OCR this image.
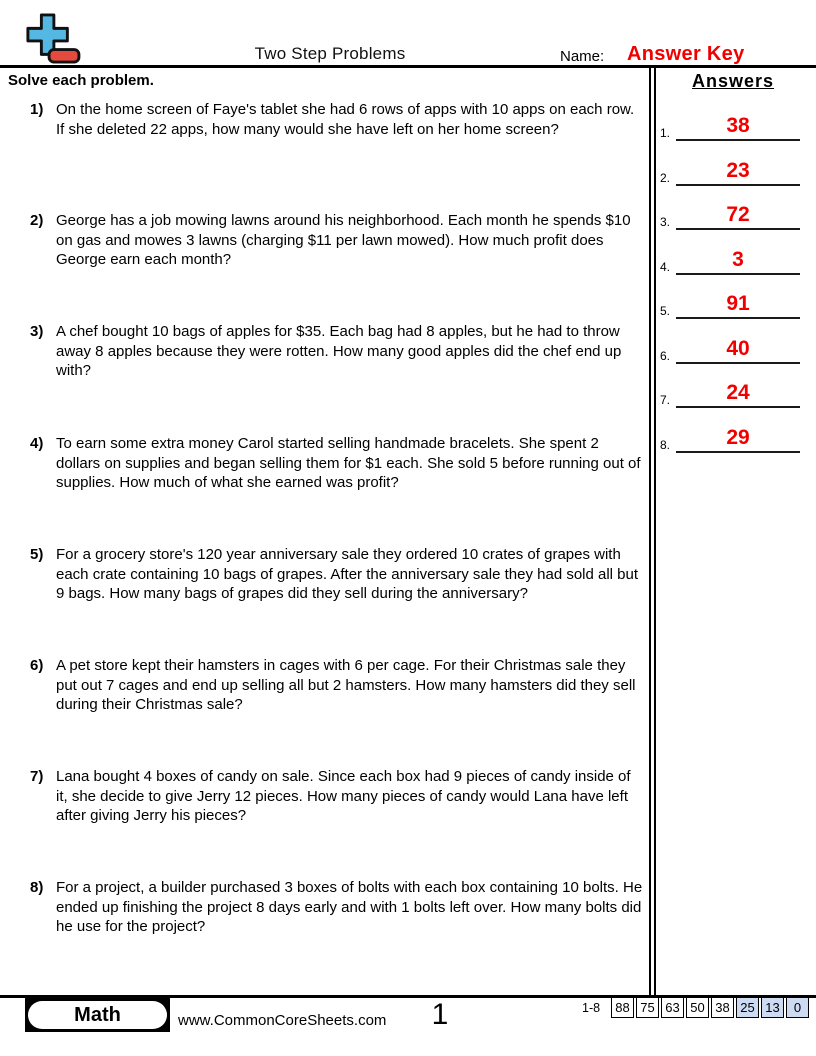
Two Step Problems	Name: Answer Key
Solve each problem.
1) On the home screen of Faye's tablet she had 6 rows of apps with 10 apps on each row. If she deleted 22 apps, how many would she have left on her home screen?
2) George has a job mowing lawns around his neighborhood. Each month he spends $10 on gas and mowes 3 lawns (charging $11 per lawn mowed). How much profit does George earn each month?
3) A chef bought 10 bags of apples for $35. Each bag had 8 apples, but he had to throw away 8 apples because they were rotten. How many good apples did the chef end up with?
4) To earn some extra money Carol started selling handmade bracelets. She spent 2 dollars on supplies and began selling them for $1 each. She sold 5 before running out of supplies. How much of what she earned was profit?
5) For a grocery store's 120 year anniversary sale they ordered 10 crates of grapes with each crate containing 10 bags of grapes. After the anniversary sale they had sold all but 9 bags. How many bags of grapes did they sell during the anniversary?
6) A pet store kept their hamsters in cages with 6 per cage. For their Christmas sale they put out 7 cages and end up selling all but 2 hamsters. How many hamsters did they sell during their Christmas sale?
7) Lana bought 4 boxes of candy on sale. Since each box had 9 pieces of candy inside of it, she decide to give Jerry 12 pieces. How many pieces of candy would Lana have left after giving Jerry his pieces?
8) For a project, a builder purchased 3 boxes of bolts with each box containing 10 bolts. He ended up finishing the project 8 days early and with 1 bolts left over. How many bolts did he use for the project?
Answers
1.	38
2.	23
3.	72
4.	3
5.	91
6.	40
7.	24
8.	29
Math	www.CommonCoreSheets.com	1	1-8	88 75 63 50 38 25 13	0
